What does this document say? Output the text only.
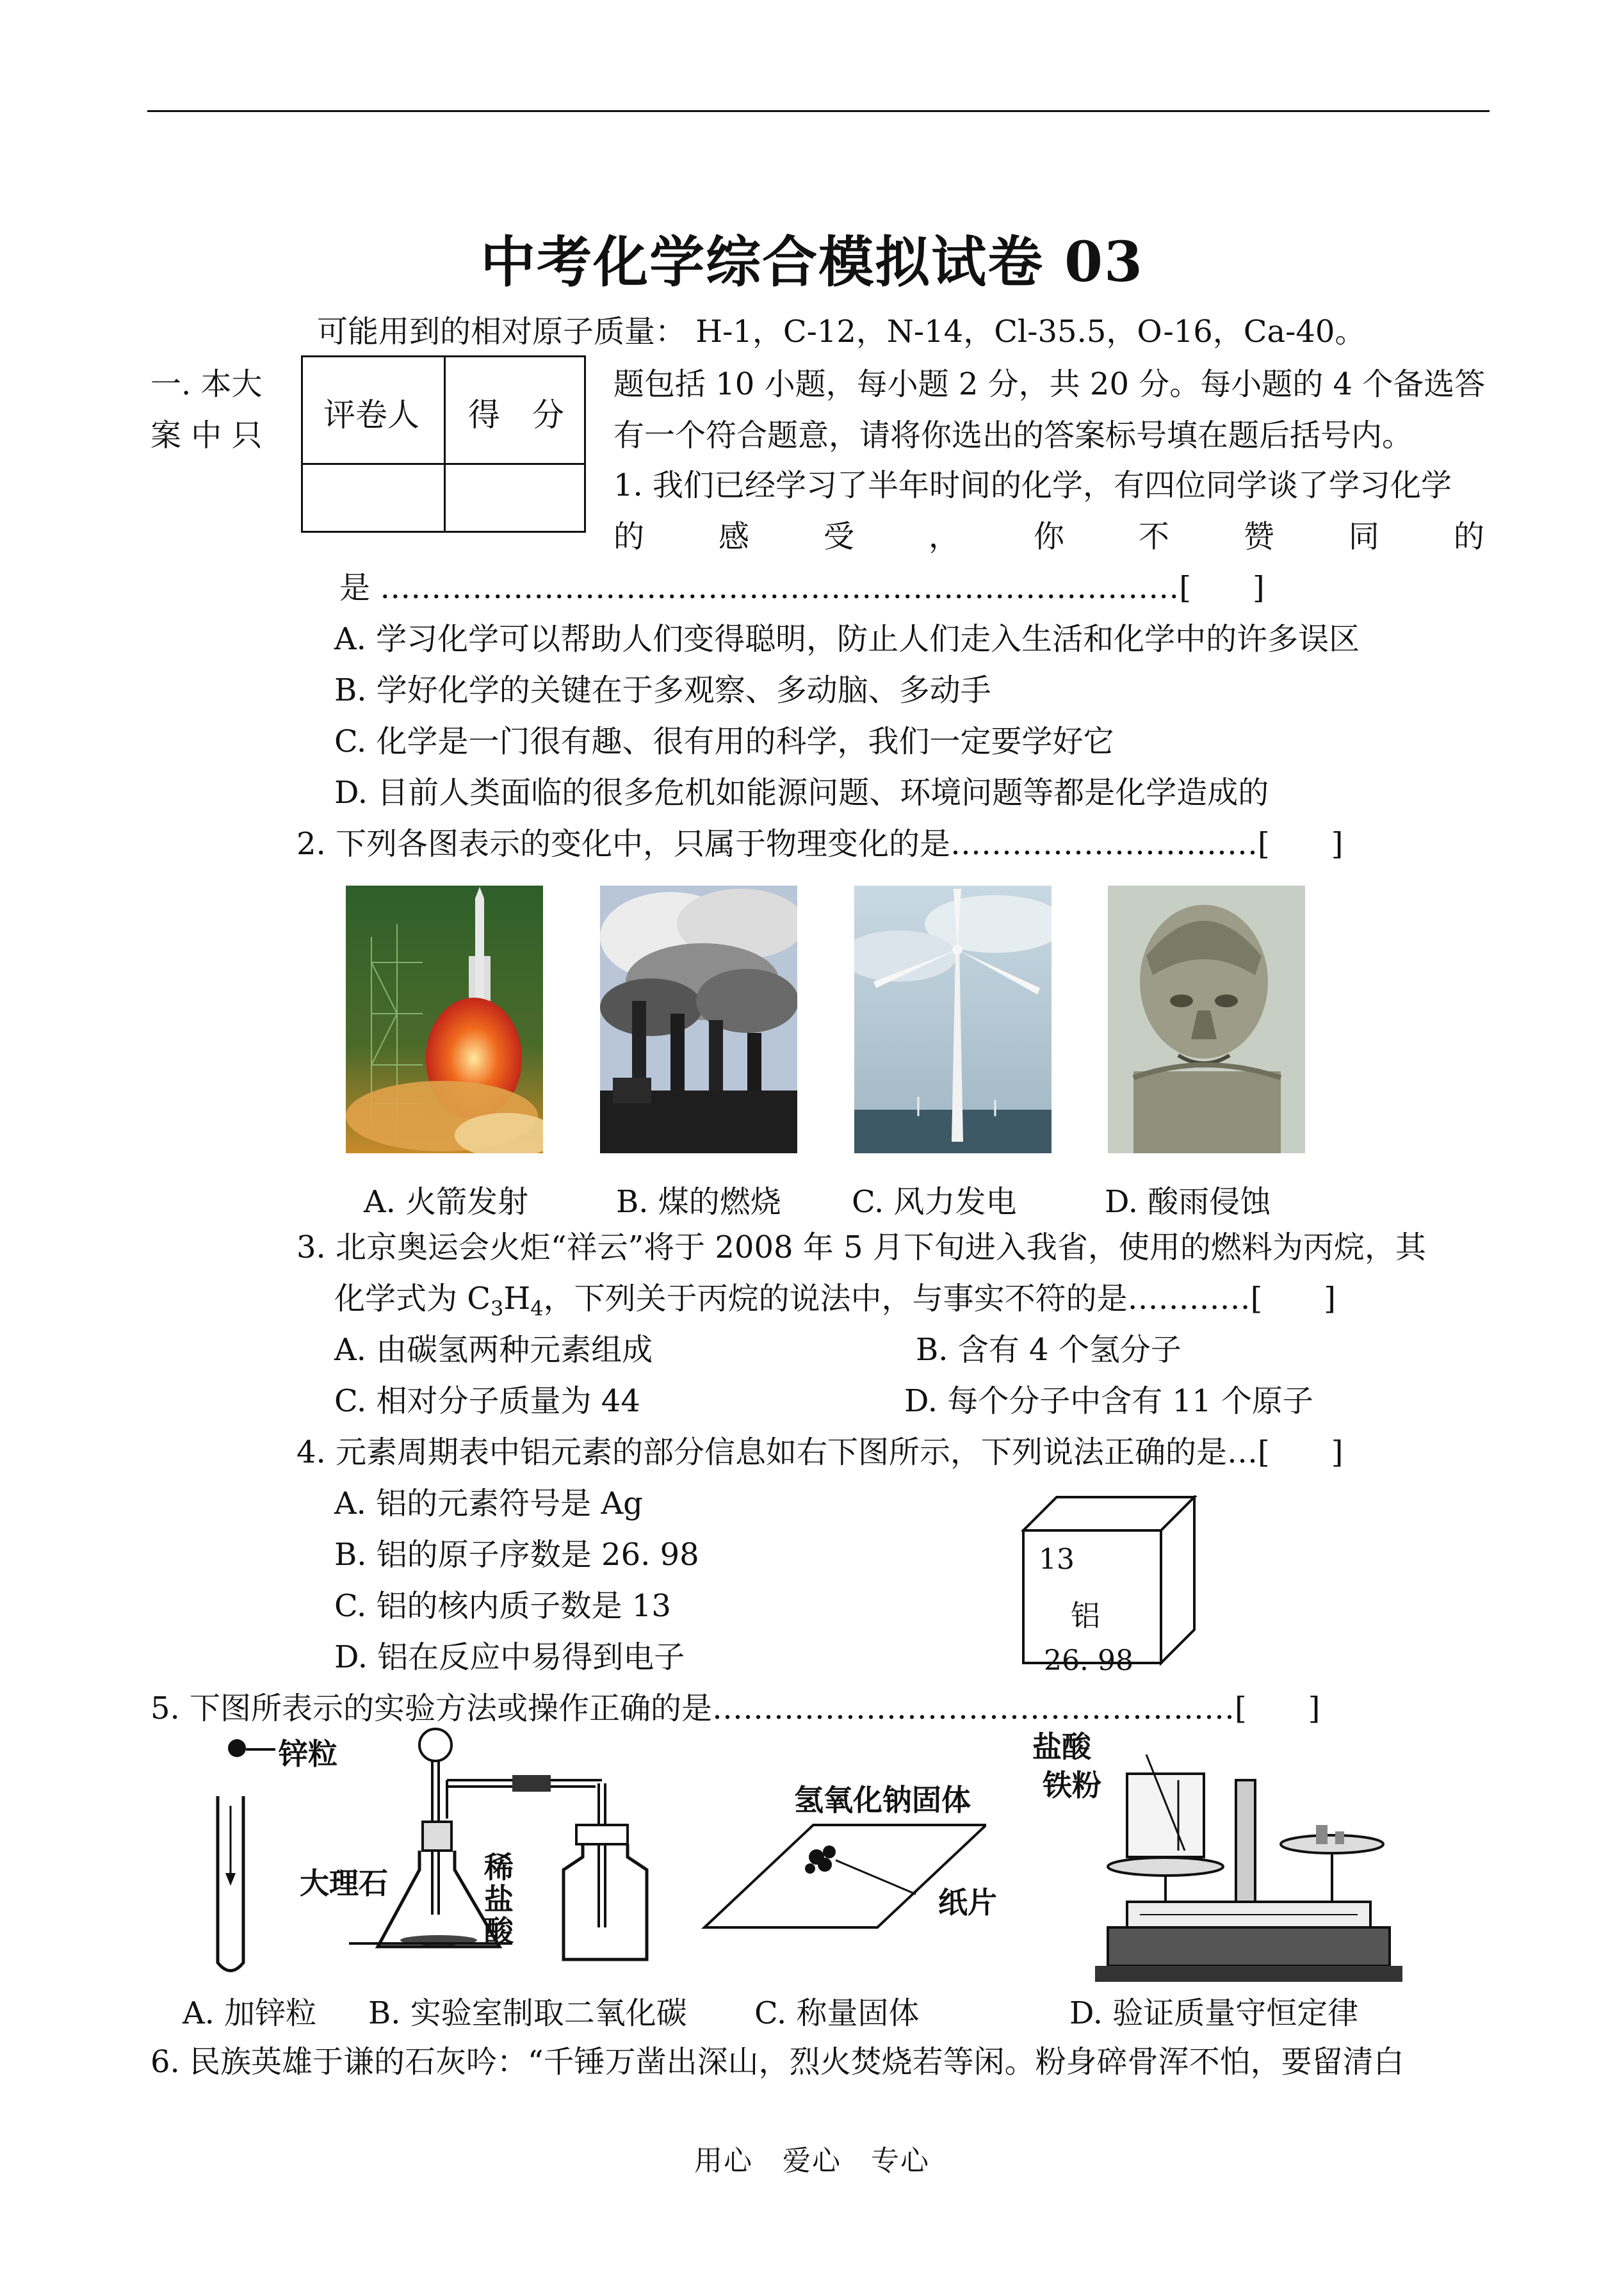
中考化学综合模拟试卷 03
可能用到的相对原子质量： H-1，C-12，N-14，Cl-35.5，O-16，Ca-40。
一. 本大
案 中 只
评卷人 得　分
题包括 10 小题，每小题 2 分，共 20 分。每小题的 4 个备选答
有一个符合题意，请将你选出的答案标号填在题后括号内。
1. 我们已经学习了半年时间的化学，有四位同学谈了学习化学
的 感 受 ， 你 不 赞 同 的
是 ……………………………………………………………………[　　]
A. 学习化学可以帮助人们变得聪明，防止人们走入生活和化学中的许多误区
B. 学好化学的关键在于多观察、多动脑、多动手
C. 化学是一门很有趣、很有用的科学，我们一定要学好它
D. 目前人类面临的很多危机如能源问题、环境问题等都是化学造成的
2. 下列各图表示的变化中，只属于物理变化的是…………………………[　　]
A. 火箭发射	B. 煤的燃烧 C. 风力发电	D. 酸雨侵蚀
3. 北京奥运会火炬“祥云”将于 2008 年 5 月下旬进入我省，使用的燃料为丙烷，其
化学式为 $C_3H_4$，下列关于丙烷的说法中，与事实不符的是…………[　　]
A. 由碳氢两种元素组成	B. 含有 4 个氢分子
C. 相对分子质量为 44	D. 每个分子中含有 11 个原子
4. 元素周期表中铝元素的部分信息如右下图所示，下列说法正确的是…[　　]
A. 铝的元素符号是 Ag
B. 铝的原子序数是 26. 98
C. 铝的核内质子数是 13
D. 铝在反应中易得到电子
13
铝
26. 98
5. 下图所表示的实验方法或操作正确的是……………………………………………[　　]
锌粒
大理石	稀
盐
酸
氢氧化钠固体
纸片
盐酸
铁粉
A. 加锌粒 B. 实验室制取二氧化碳 C. 称量固体	D. 验证质量守恒定律
6. 民族英雄于谦的石灰吟：“千锤万凿出深山，烈火焚烧若等闲。粉身碎骨浑不怕，要留清白
用心　爱心　专心
